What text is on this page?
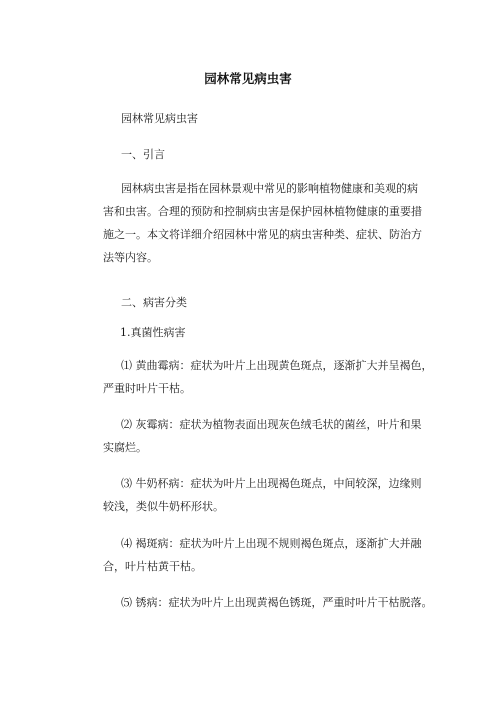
园林常见病虫害
园林常见病虫害
一、引言
园林病虫害是指在园林景观中常见的影响植物健康和美观的病
害和虫害。合理的预防和控制病虫害是保护园林植物健康的重要措
施之一。本文将详细介绍园林中常见的病虫害种类、症状、防治方
法等内容。
二、病害分类
1.真菌性病害
⑴ 黄曲霉病：症状为叶片上出现黄色斑点，逐渐扩大并呈褐色，
严重时叶片干枯。
⑵ 灰霉病：症状为植物表面出现灰色绒毛状的菌丝，叶片和果
实腐烂。
⑶ 牛奶杯病：症状为叶片上出现褐色斑点，中间较深，边缘则
较浅，类似牛奶杯形状。
⑷ 褐斑病：症状为叶片上出现不规则褐色斑点，逐渐扩大并融
合，叶片枯黄干枯。
⑸ 锈病：症状为叶片上出现黄褐色锈斑，严重时叶片干枯脱落。
